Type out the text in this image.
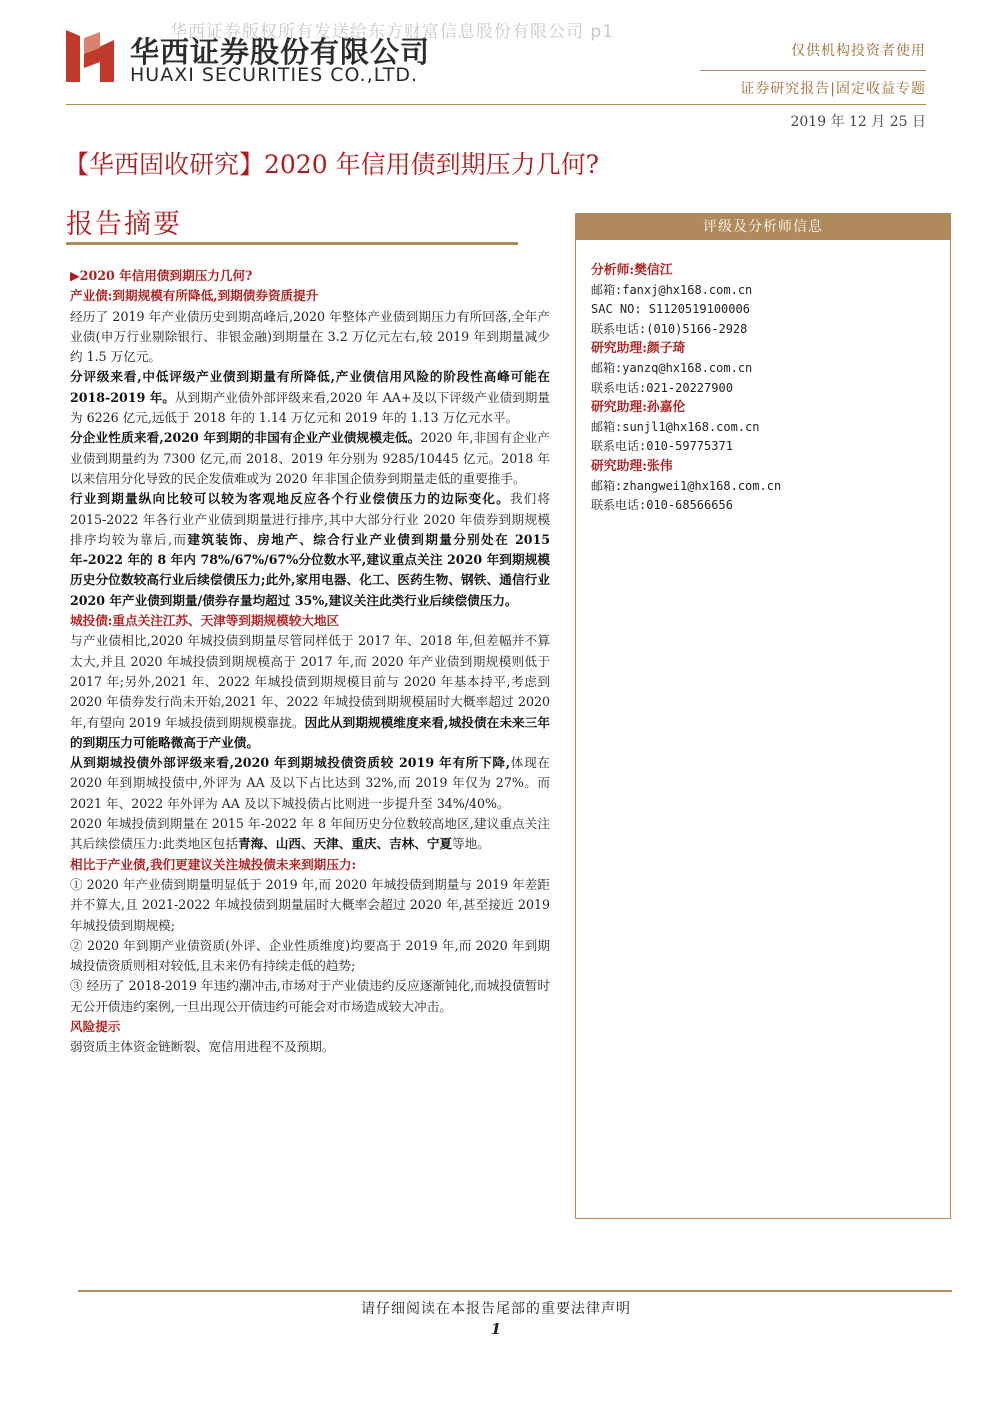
华西证券版权所有发送给东方财富信息股份有限公司 p1
华西证券股份有限公司
HUAXI SECURITIES CO.,LTD.
仅供机构投资者使用
证券研究报告|固定收益专题
2019 年 12 月 25 日
【华西固收研究】2020 年信用债到期压力几何?
报告摘要

▶2020 年信用债到期压力几何?

产业债:到期规模有所降低,到期债券资质提升

经历了 2019 年产业债历史到期高峰后,2020 年整体产业债到期压力有所回落,全年产业债(申万行业剔除银行、非银金融)到期量在 3.2 万亿元左右,较 2019 年到期量减少约 1.5 万亿元。

分评级来看,中低评级产业债到期量有所降低,产业债信用风险的阶段性高峰可能在 2018-2019 年。从到期产业债外部评级来看,2020 年 AA+及以下评级产业债到期量为 6226 亿元,远低于 2018 年的 1.14 万亿元和 2019 年的 1.13 万亿元水平。

分企业性质来看,2020 年到期的非国有企业产业债规模走低。2020 年,非国有企业产业债到期量约为 7300 亿元,而 2018、2019 年分别为 9285/10445 亿元。2018 年以来信用分化导致的民企发债难或为 2020 年非国企债券到期量走低的重要推手。

行业到期量纵向比较可以较为客观地反应各个行业偿债压力的边际变化。我们将 2015-2022 年各行业产业债到期量进行排序,其中大部分行业 2020 年债券到期规模排序均较为靠后,而建筑装饰、房地产、综合行业产业债到期量分别处在 2015 年-2022 年的 8 年内 78%/67%/67%分位数水平,建议重点关注 2020 年到期规模历史分位数较高行业后续偿债压力;此外,家用电器、化工、医药生物、钢铁、通信行业 2020 年产业债到期量/债券存量均超过 35%,建议关注此类行业后续偿债压力。

城投债:重点关注江苏、天津等到期规模较大地区

与产业债相比,2020 年城投债到期量尽管同样低于 2017 年、2018 年,但差幅并不算太大,并且 2020 年城投债到期规模高于 2017 年,而 2020 年产业债到期规模则低于 2017 年;另外,2021 年、2022 年城投债到期规模目前与 2020 年基本持平,考虑到 2020 年债券发行尚未开始,2021 年、2022 年城投债到期规模届时大概率超过 2020 年,有望向 2019 年城投债到期规模靠拢。因此从到期规模维度来看,城投债在未来三年的到期压力可能略微高于产业债。

从到期城投债外部评级来看,2020 年到期城投债资质较 2019 年有所下降,体现在 2020 年到期城投债中,外评为 AA 及以下占比达到 32%,而 2019 年仅为 27%。而 2021 年、2022 年外评为 AA 及以下城投债占比则进一步提升至 34%/40%。

2020 年城投债到期量在 2015 年-2022 年 8 年间历史分位数较高地区,建议重点关注其后续偿债压力:此类地区包括青海、山西、天津、重庆、吉林、宁夏等地。

相比于产业债,我们更建议关注城投债未来到期压力:

① 2020 年产业债到期量明显低于 2019 年,而 2020 年城投债到期量与 2019 年差距并不算大,且 2021-2022 年城投债到期量届时大概率会超过 2020 年,甚至接近 2019 年城投债到期规模;

② 2020 年到期产业债资质(外评、企业性质维度)均要高于 2019 年,而 2020 年到期城投债资质则相对较低,且未来仍有持续走低的趋势;

③ 经历了 2018-2019 年违约潮冲击,市场对于产业债违约反应逐渐钝化,而城投债暂时无公开债违约案例,一旦出现公开债违约可能会对市场造成较大冲击。

风险提示

弱资质主体资金链断裂、宽信用进程不及预期。

评级及分析师信息
分析师:樊信江
邮箱:fanxj@hx168.com.cn
SAC NO: S1120519100006
联系电话:(010)5166-2928
研究助理:颜子琦
邮箱:yanzq@hx168.com.cn
联系电话:021-20227900
研究助理:孙嘉伦
邮箱:sunjl1@hx168.com.cn
联系电话:010-59775371
研究助理:张伟
邮箱:zhangwei1@hx168.com.cn
联系电话:010-68566656
请仔细阅读在本报告尾部的重要法律声明
1
